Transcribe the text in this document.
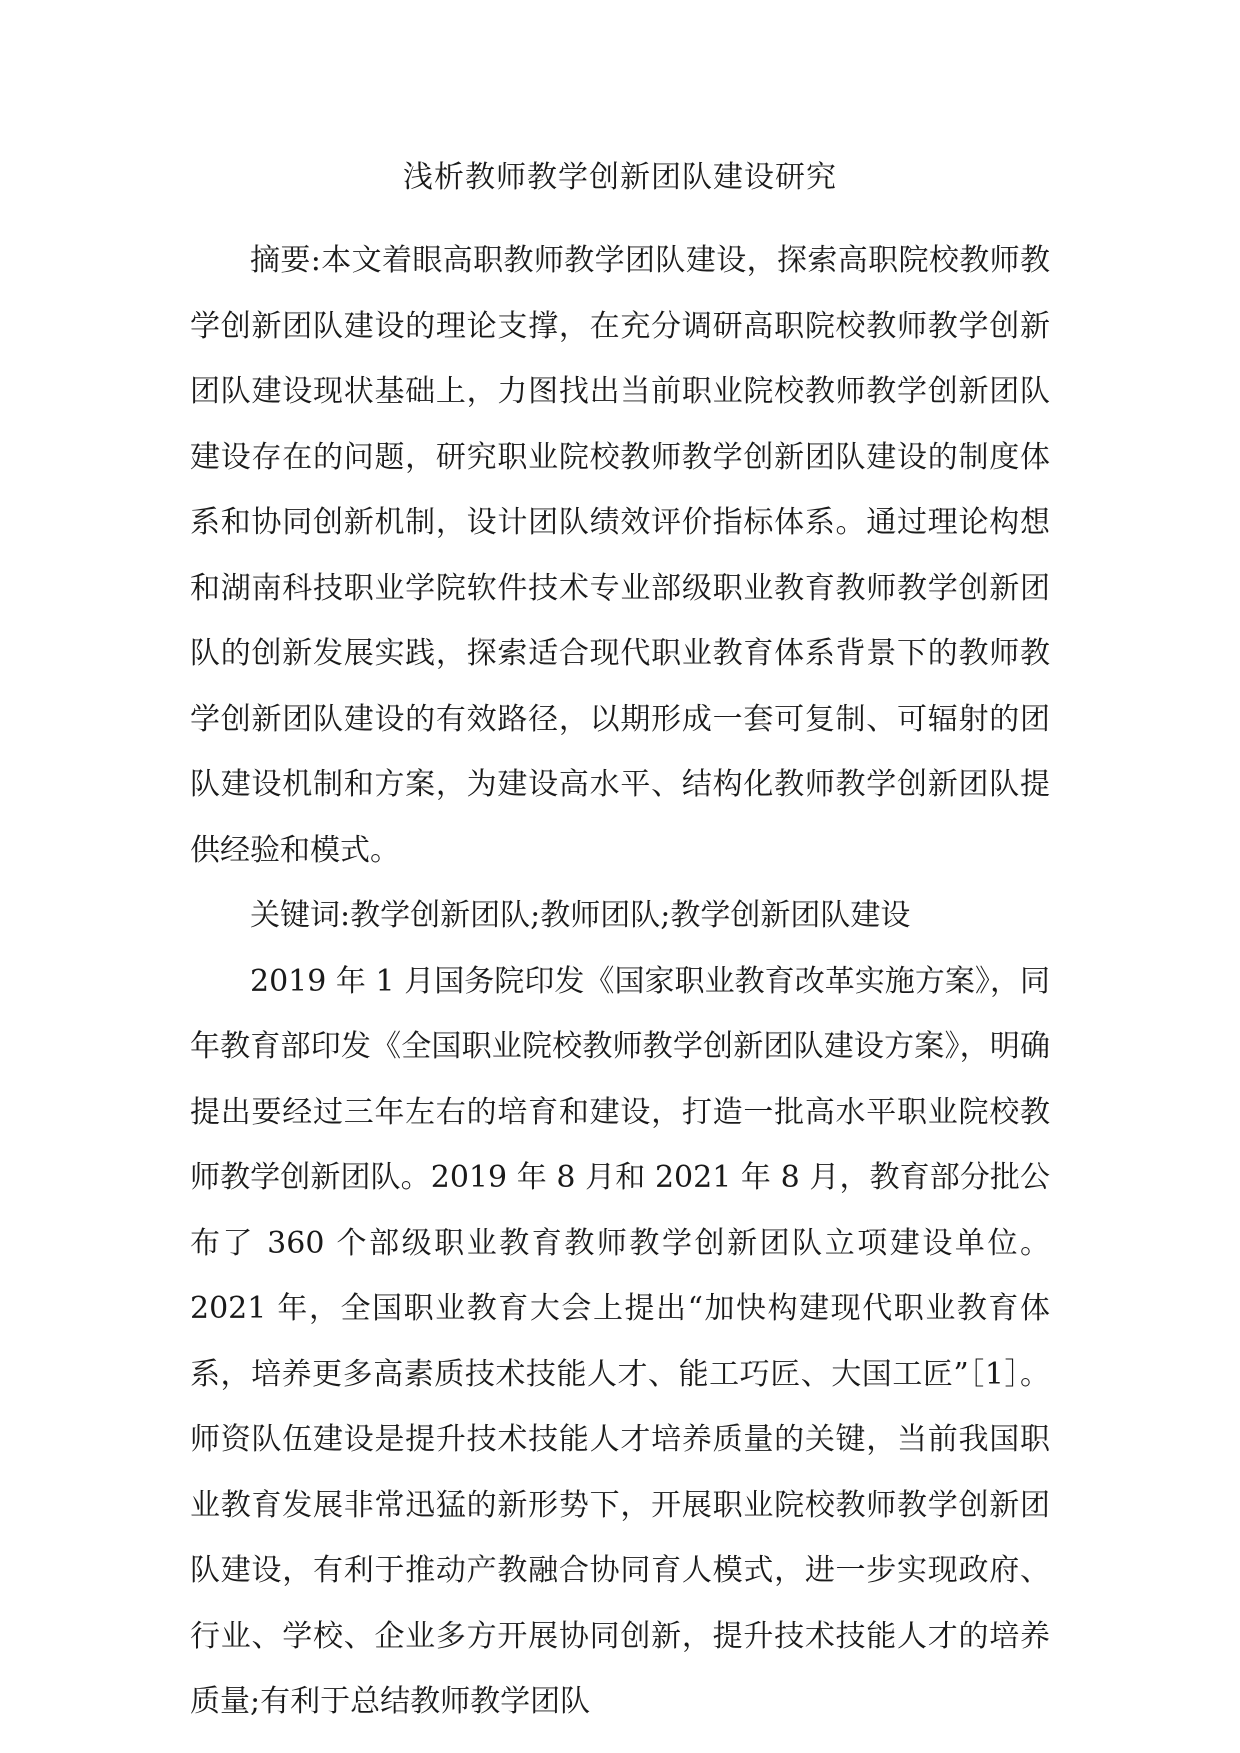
浅析教师教学创新团队建设研究

摘要:本文着眼高职教师教学团队建设，探索高职院校教师教学创新团队建设的理论支撑，在充分调研高职院校教师教学创新团队建设现状基础上，力图找出当前职业院校教师教学创新团队建设存在的问题，研究职业院校教师教学创新团队建设的制度体系和协同创新机制，设计团队绩效评价指标体系。通过理论构想和湖南科技职业学院软件技术专业部级职业教育教师教学创新团队的创新发展实践，探索适合现代职业教育体系背景下的教师教学创新团队建设的有效路径，以期形成一套可复制、可辐射的团队建设机制和方案，为建设高水平、结构化教师教学创新团队提供经验和模式。

关键词:教学创新团队;教师团队;教学创新团队建设

2019 年 1 月国务院印发《国家职业教育改革实施方案》，同年教育部印发《全国职业院校教师教学创新团队建设方案》，明确提出要经过三年左右的培育和建设，打造一批高水平职业院校教师教学创新团队。2019 年 8 月和 2021 年 8 月，教育部分批公布了 360 个部级职业教育教师教学创新团队立项建设单位。2021 年，全国职业教育大会上提出“加快构建现代职业教育体系，培养更多高素质技术技能人才、能工巧匠、大国工匠”［1］。师资队伍建设是提升技术技能人才培养质量的关键，当前我国职业教育发展非常迅猛的新形势下，开展职业院校教师教学创新团队建设，有利于推动产教融合协同育人模式，进一步实现政府、行业、学校、企业多方开展协同创新，提升技术技能人才的培养质量;有利于总结教师教学团队
